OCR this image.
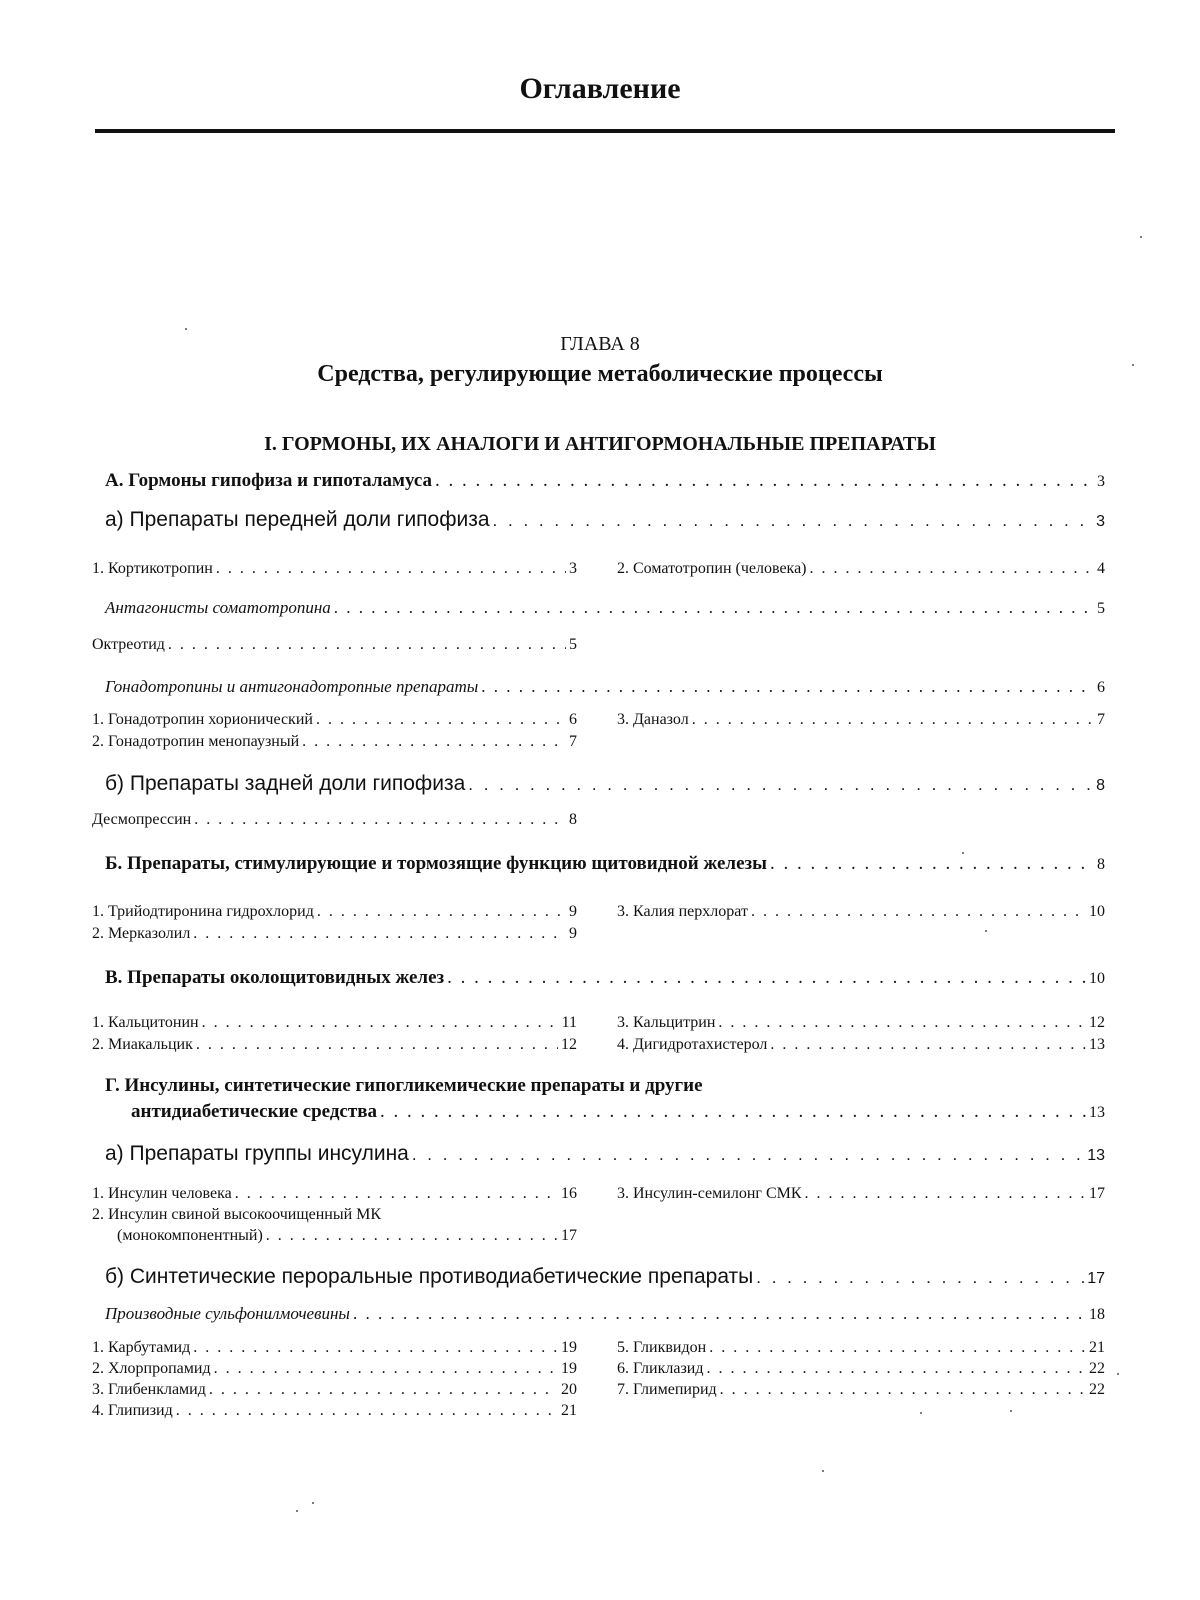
Оглавление

ГЛАВА 8

Средства, регулирующие метаболические процессы

I. ГОРМОНЫ, ИХ АНАЛОГИ И АНТИГОРМОНАЛЬНЫЕ ПРЕПАРАТЫ

А. Гормоны гипофиза и гипоталамуса . . .	3
а) Препараты передней доли гипофиза . . .	3
1. Кортикотропин . . .	3	2. Соматотропин (человека) . . .	4
Антагонисты соматотропина . . .	5
Октреотид . . .	5
Гонадотропины и антигонадотропные препараты . . .	6
1. Гонадотропин хорионический . . .	6
2. Гонадотропин менопаузный . . .	7
3. Даназол . . .	7
б) Препараты задней доли гипофиза . . .	8
Десмопрессин . . .	8
Б. Препараты, стимулирующие и тормозящие функцию щитовидной железы . . .	8
1. Трийодтиронина гидрохлорид . . .	9
2. Мерказолил . . .	9
3. Калия перхлорат . . .	10
В. Препараты околощитовидных желез . . .	10
1. Кальцитонин . . .	11
2. Миакальцик . . .	12
3. Кальцитрин . . .	12
4. Дигидротахистерол . . .	13
Г. Инсулины, синтетические гипогликемические препараты и другие
антидиабетические средства . . .	13
а) Препараты группы инсулина . . .	13
1. Инсулин человека . . .	16
2. Инсулин свиной высокоочищенный МК
(монокомпонентный) . . .	17
3. Инсулин-семилонг СМК . . .	17
б) Синтетические пероральные противодиабетические препараты . . .	17
Производные сульфонилмочевины . . .	18
1. Карбутамид . . .	19
2. Хлорпропамид . . .	19
3. Глибенкламид . . .	20
4. Глипизид . . .	21
5. Гликвидон . . .	21
6. Гликлазид . . .	22
7. Глимепирид . . .	22
